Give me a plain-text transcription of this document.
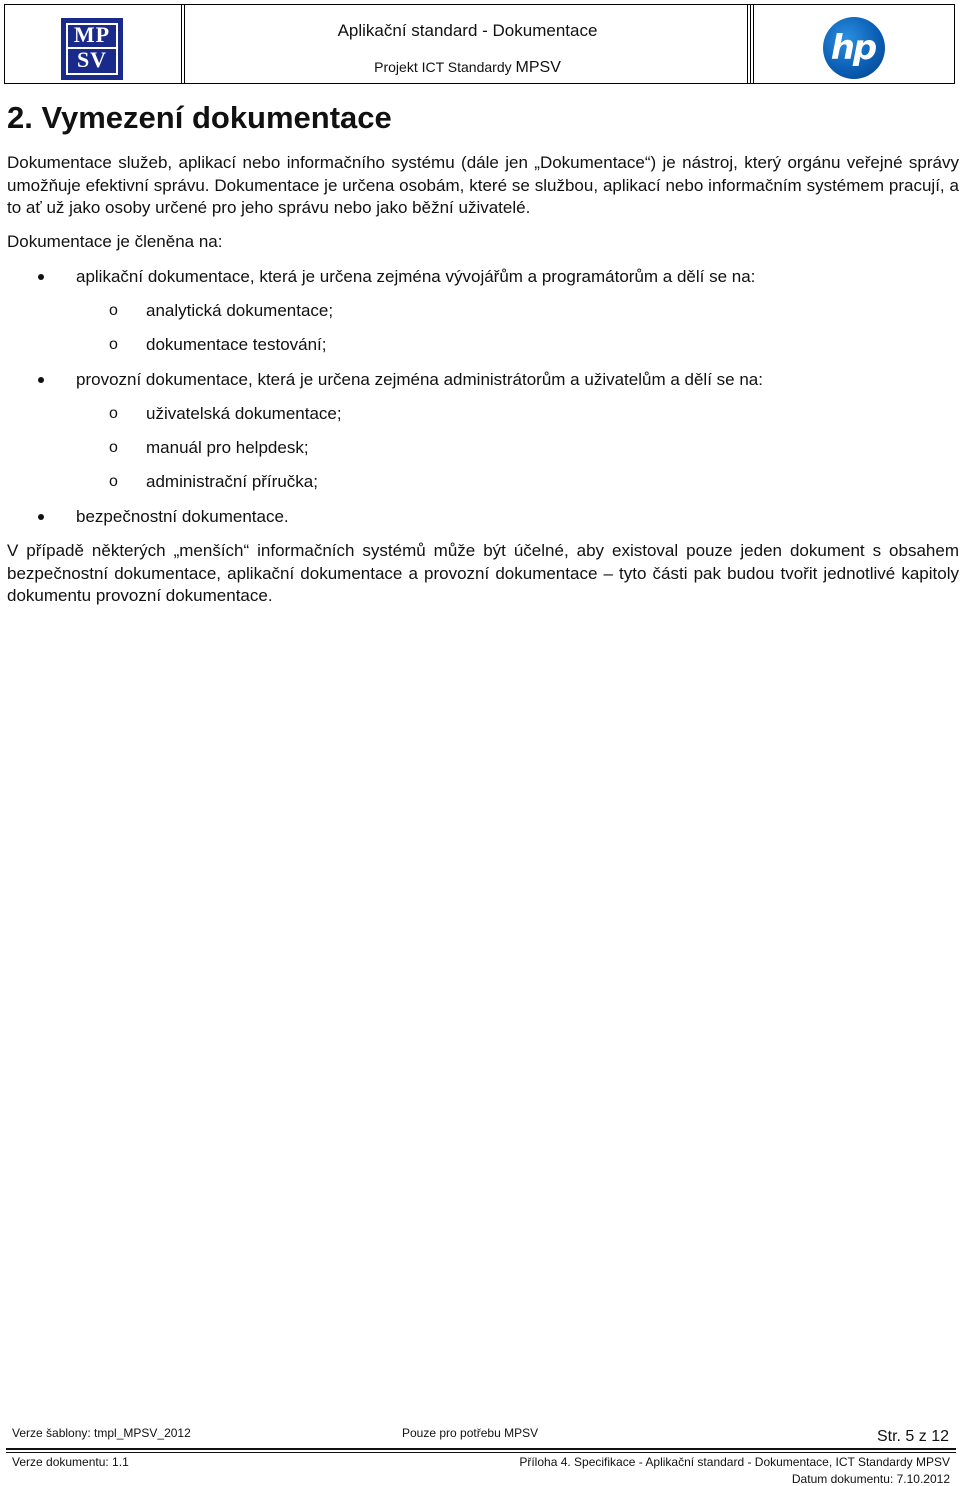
MP
SV
Aplikační standard - Dokumentace
Projekt ICT Standardy MPSV	hp
2. Vymezení dokumentace
Dokumentace služeb, aplikací nebo informačního systému (dále jen „Dokumentace“) je nástroj, který orgánu veřejné správy umožňuje efektivní správu. Dokumentace je určena osobám, které se službou, aplikací nebo informačním systémem pracují, a to ať už jako osoby určené pro jeho správu nebo jako běžní uživatelé.
Dokumentace je členěna na:
aplikační dokumentace, která je určena zejména vývojářům a programátorům a dělí se na:
o analytická dokumentace;
o dokumentace testování;
provozní dokumentace, která je určena zejména administrátorům a uživatelům a dělí se na:
o uživatelská dokumentace;
o manuál pro helpdesk;
o administrační příručka;
bezpečnostní dokumentace.
V případě některých „menších“ informačních systémů může být účelné, aby existoval pouze jeden dokument s obsahem bezpečnostní dokumentace, aplikační dokumentace a provozní dokumentace – tyto části pak budou tvořit jednotlivé kapitoly dokumentu provozní dokumentace.
Verze šablony: tmpl_MPSV_2012	Pouze pro potřebu MPSV	Str. 5 z 12
Verze dokumentu: 1.1	Příloha 4. Specifikace - Aplikační standard - Dokumentace, ICT Standardy MPSV
Datum dokumentu: 7.10.2012
